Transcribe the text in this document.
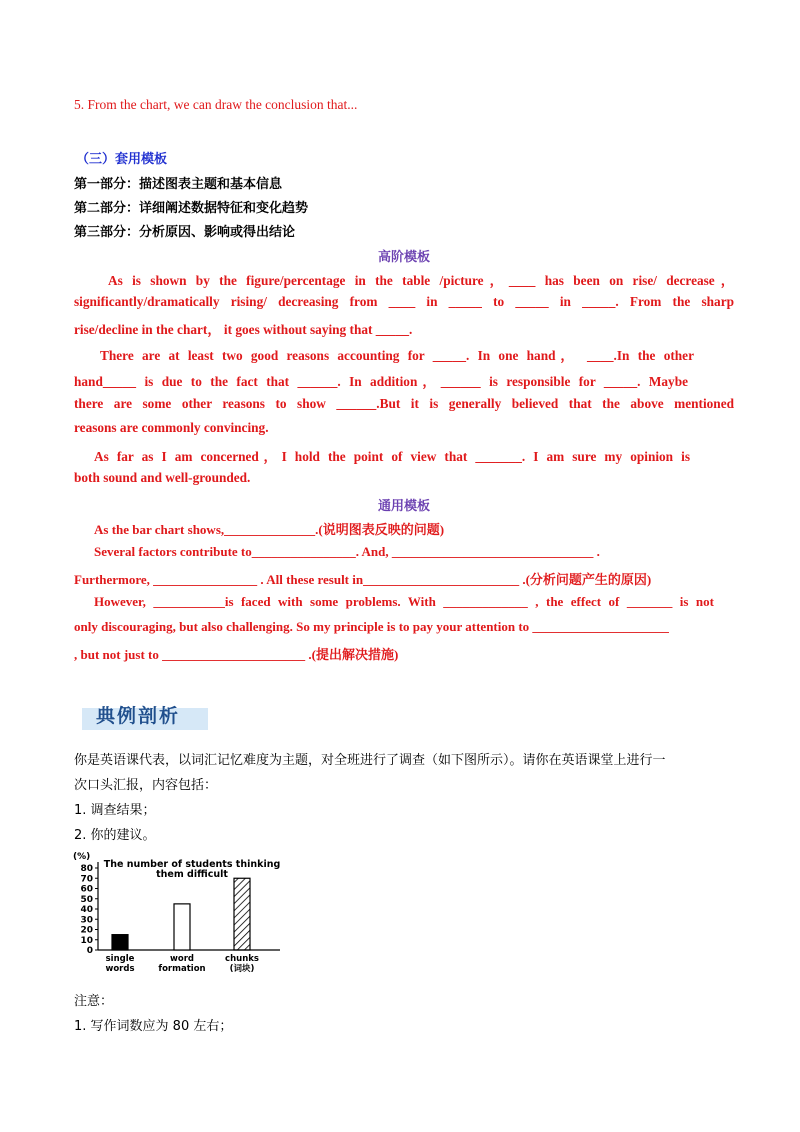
5. From the chart, we can draw the conclusion that...
（三）套用模板
第一部分：描述图表主题和基本信息
第二部分：详细阐述数据特征和变化趋势
第三部分：分析原因、影响或得出结论
高阶模板
As is shown by the figure/percentage in the table /picture，____ has been on rise/ decrease，
significantly/dramatically rising/ decreasing from ____ in _____ to _____ in _____. From the sharp
rise/decline in the chart， it goes without saying that _____.
There are at least two good reasons accounting for _____. In one hand， ____.In the other
hand_____ is due to the fact that ______. In addition，______ is responsible for _____. Maybe
there are some other reasons to show ______.But it is generally believed that the above mentioned
reasons are commonly convincing.
As far as I am concerned，I hold the point of view that _______. I am sure my opinion is
both sound and well-grounded.
通用模板
As the bar chart shows,______________.(说明图表反映的问题)
Several factors contribute to________________. And, _______________________________ .
Furthermore, ________________ . All these result in________________________ .(分析问题产生的原因)
However, ___________is faced with some problems. With _____________ , the effect of _______ is not
only discouraging, but also challenging. So my principle is to pay your attention to _____________________
, but not just to ______________________ .(提出解决措施)
典例剖析
你是英语课代表，以词汇记忆难度为主题，对全班进行了调查（如下图所示）。请你在英语课堂上进行一
次口头汇报，内容包括：
1. 调查结果；
2. 你的建议。
(%)
The number of students thinking
them difficult
0
10
20
30
40
50
60
70
80
single
words
word
formation
chunks
(词块)
注意：
1. 写作词数应为 80 左右；
